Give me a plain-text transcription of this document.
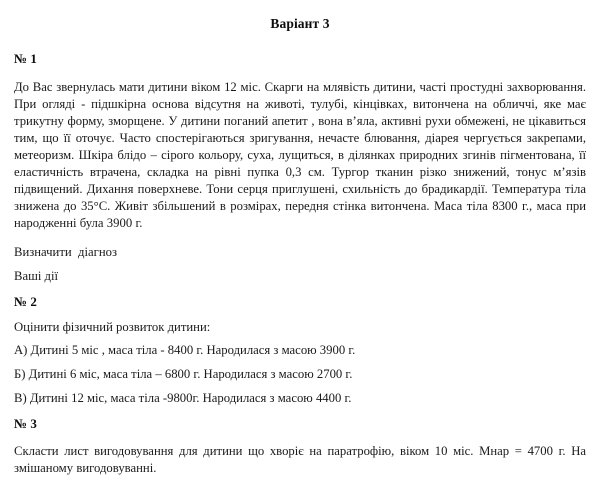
Варіант 3
№ 1

До Вас звернулась мати дитини віком 12 міс. Скарги на млявість дитини, часті простудні захворювання. При огляді - підшкірна основа відсутня на животі, тулубі, кінцівках, витончена на обличчі, яке має трикутну форму, зморщене. У дитини поганий апетит , вона в’яла, активні рухи обмежені, не цікавиться тим, що її оточує. Часто спостерігаються зригування, нечасте блювання, діарея чергується закрепами, метеоризм. Шкіра блідо – сірого кольору, суха, лущиться, в ділянках природних згинів пігментована, її еластичність втрачена, складка на рівні пупка 0,3 см. Тургор тканин різко знижений, тонус м’язів підвищений. Дихання поверхневе. Тони серця приглушені, схильність до брадикардії. Температура тіла знижена до 35°С. Живіт збільшений в розмірах, передня стінка витончена. Маса тіла 8300 г., маса при народженні була 3900 г.

Визначити  діагноз

Ваші дії

№ 2

Оцінити фізичний розвиток дитини:

А) Дитині 5 міс , маса тіла - 8400 г. Народилася з масою 3900 г.

Б) Дитині 6 міс, маса тіла – 6800 г. Народилася з масою 2700 г.

В) Дитині 12 міс, маса тіла -9800г. Народилася з масою 4400 г.

№ 3

Скласти лист вигодовування для дитини що хворіє на паратрофію, віком 10 міс. Мнар = 4700 г. На змішаному вигодовуванні.
